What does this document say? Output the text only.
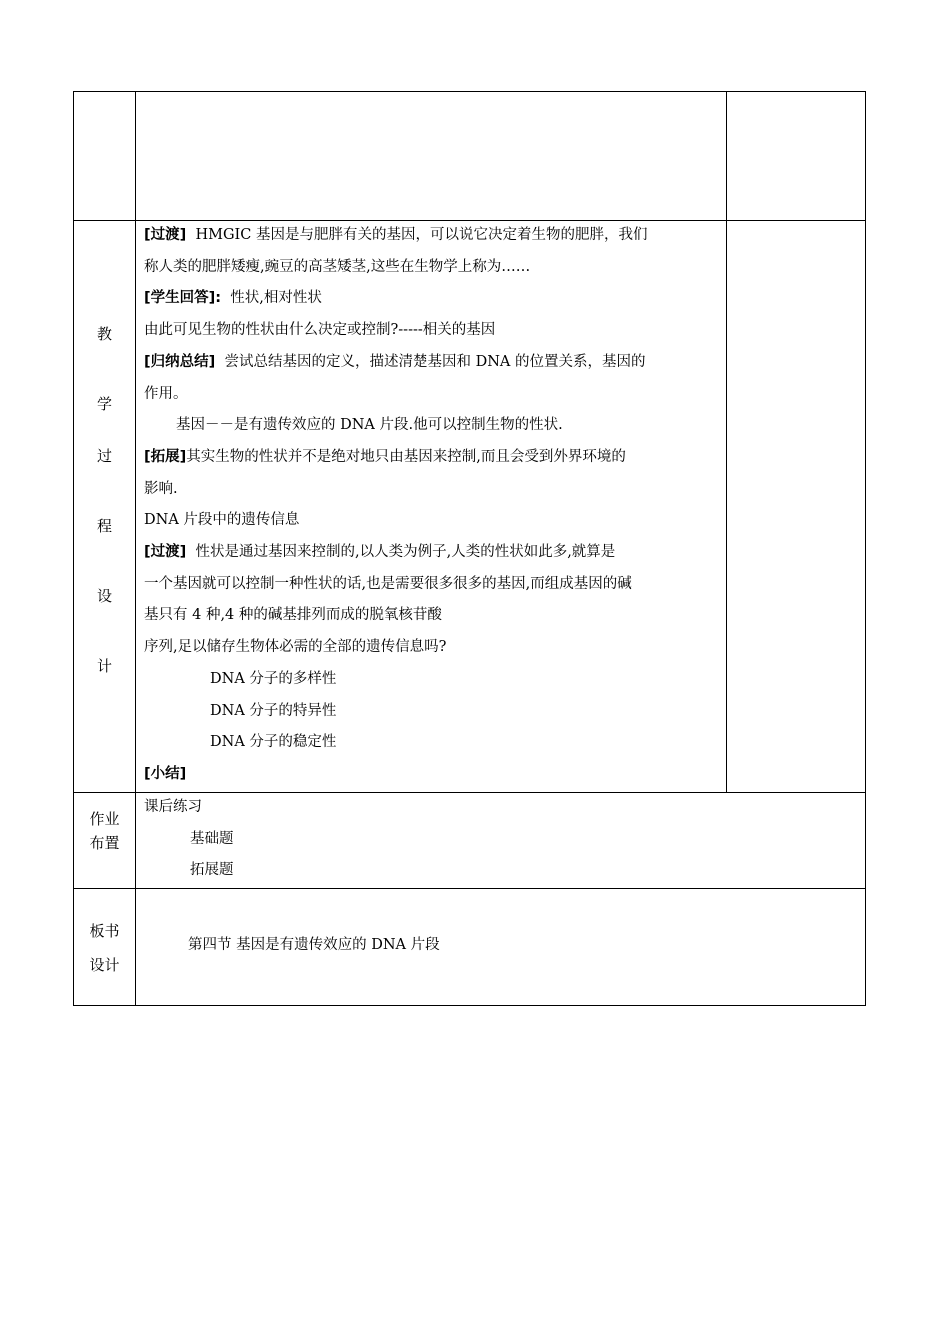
教
学
过
程
设
计

[过渡]  HMGIC 基因是与肥胖有关的基因，可以说它决定着生物的肥胖，我们

称人类的肥胖矮瘦,豌豆的高茎矮茎,这些在生物学上称为……

[学生回答]:  性状,相对性状

由此可见生物的性状由什么决定或控制?-----相关的基因

[归纳总结]  尝试总结基因的定义，描述清楚基因和 DNA 的位置关系，基因的

作用。

基因－－是有遗传效应的 DNA 片段.他可以控制生物的性状.

[拓展]其实生物的性状并不是绝对地只由基因来控制,而且会受到外界环境的

影响.

DNA 片段中的遗传信息

[过渡]  性状是通过基因来控制的,以人类为例子,人类的性状如此多,就算是

一个基因就可以控制一种性状的话,也是需要很多很多的基因,而组成基因的碱

基只有 4 种,4 种的碱基排列而成的脱氧核苷酸

序列,足以储存生物体必需的全部的遗传信息吗?

DNA 分子的多样性

DNA 分子的特异性

DNA 分子的稳定性

[小结]

作业
布置

课后练习

基础题

拓展题

板书
设计

第四节 基因是有遗传效应的 DNA 片段
